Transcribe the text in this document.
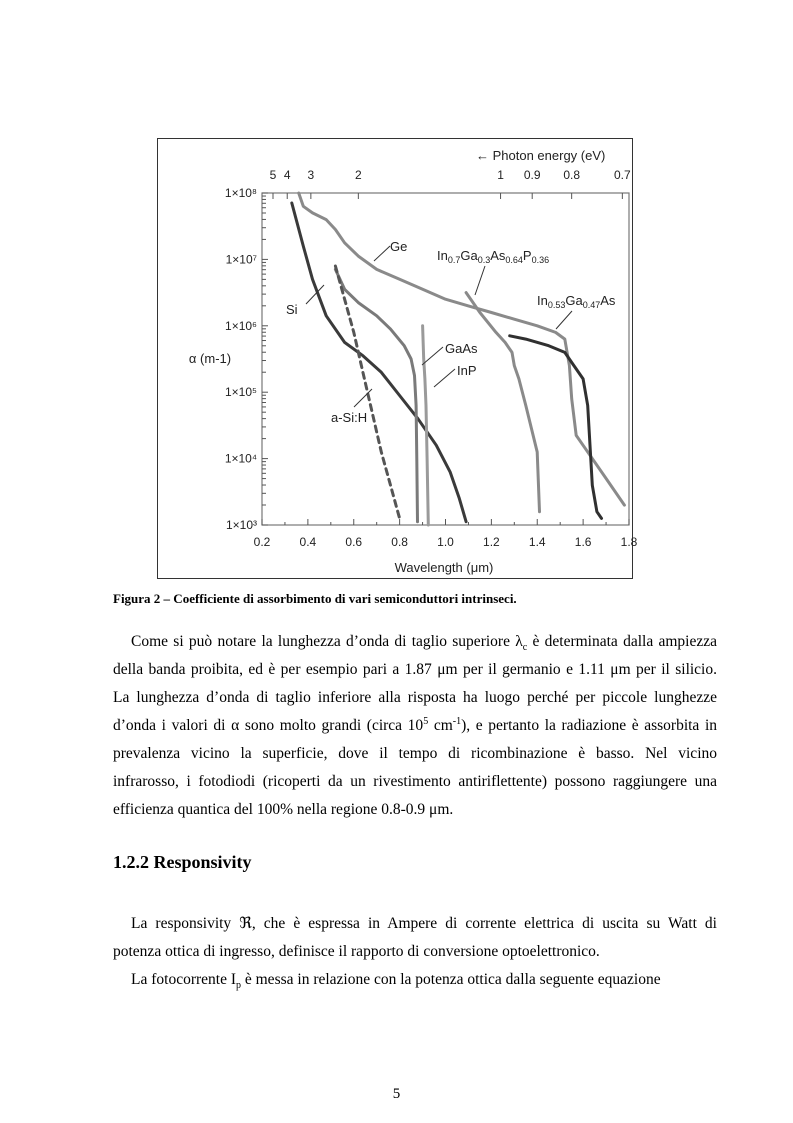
← Photon energy (eV)
Wavelength (μm)
α (m-1)
0.2 0.4 0.6 0.8 1.0 1.2 1.4 1.6 1.8
1×10³
1×10⁴
1×10⁵
1×10⁶
1×10⁷
1×10⁸
5 4 3	2	1 0.9 0.8	0.7
Ge
Si
GaAs
InP
a-Si:H
$In_{0.7}Ga_{0.3}As_{0.64}P_{0.36}$
$In_{0.53}Ga_{0.47}As$
Figura 2 – Coefficiente di assorbimento di vari semiconduttori intrinseci.

Come si può notare la lunghezza d’onda di taglio superiore $\lambda_c$ è determinata dalla ampiezza
della banda proibita, ed è per esempio pari a 1.87 μm per il germanio e 1.11 μm per il silicio.
La lunghezza d’onda di taglio inferiore alla risposta ha luogo perché per piccole lunghezze
d’onda i valori di α sono molto grandi (circa $10^5$ $cm^{-1}$), e pertanto la radiazione è assorbita in
prevalenza vicino la superficie, dove il tempo di ricombinazione è basso. Nel vicino
infrarosso, i fotodiodi (ricoperti da un rivestimento antiriflettente) possono raggiungere una
efficienza quantica del 100% nella regione 0.8-0.9 μm.

1.2.2 Responsivity

La responsivity ℜ, che è espressa in Ampere di corrente elettrica di uscita su Watt di
potenza ottica di ingresso, definisce il rapporto di conversione optoelettronico.

La fotocorrente $I_p$ è messa in relazione con la potenza ottica dalla seguente equazione

5
